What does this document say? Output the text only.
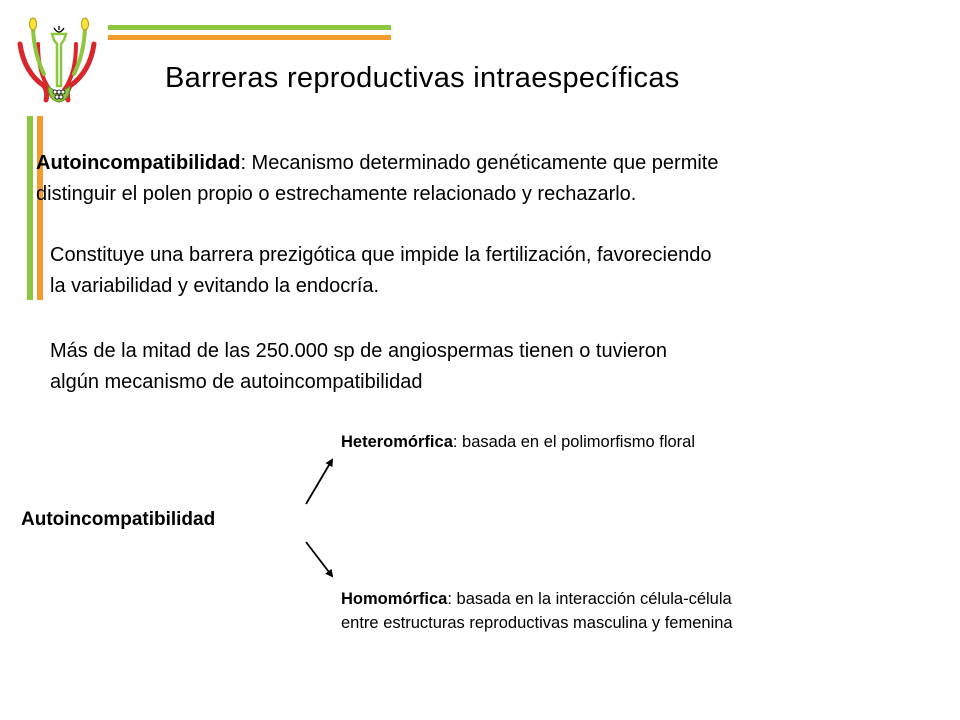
Barreras reproductivas intraespecíficas
Autoincompatibilidad: Mecanismo determinado genéticamente que permite
distinguir el polen propio o estrechamente relacionado y rechazarlo.
Constituye una barrera prezigótica que impide la fertilización, favoreciendo
la variabilidad y evitando la endocría.
Más de la mitad de las 250.000 sp de angiospermas tienen o tuvieron
algún mecanismo de autoincompatibilidad
Heteromórfica: basada en el polimorfismo floral
Autoincompatibilidad
Homomórfica: basada en la interacción célula-célula
entre estructuras reproductivas masculina y femenina
